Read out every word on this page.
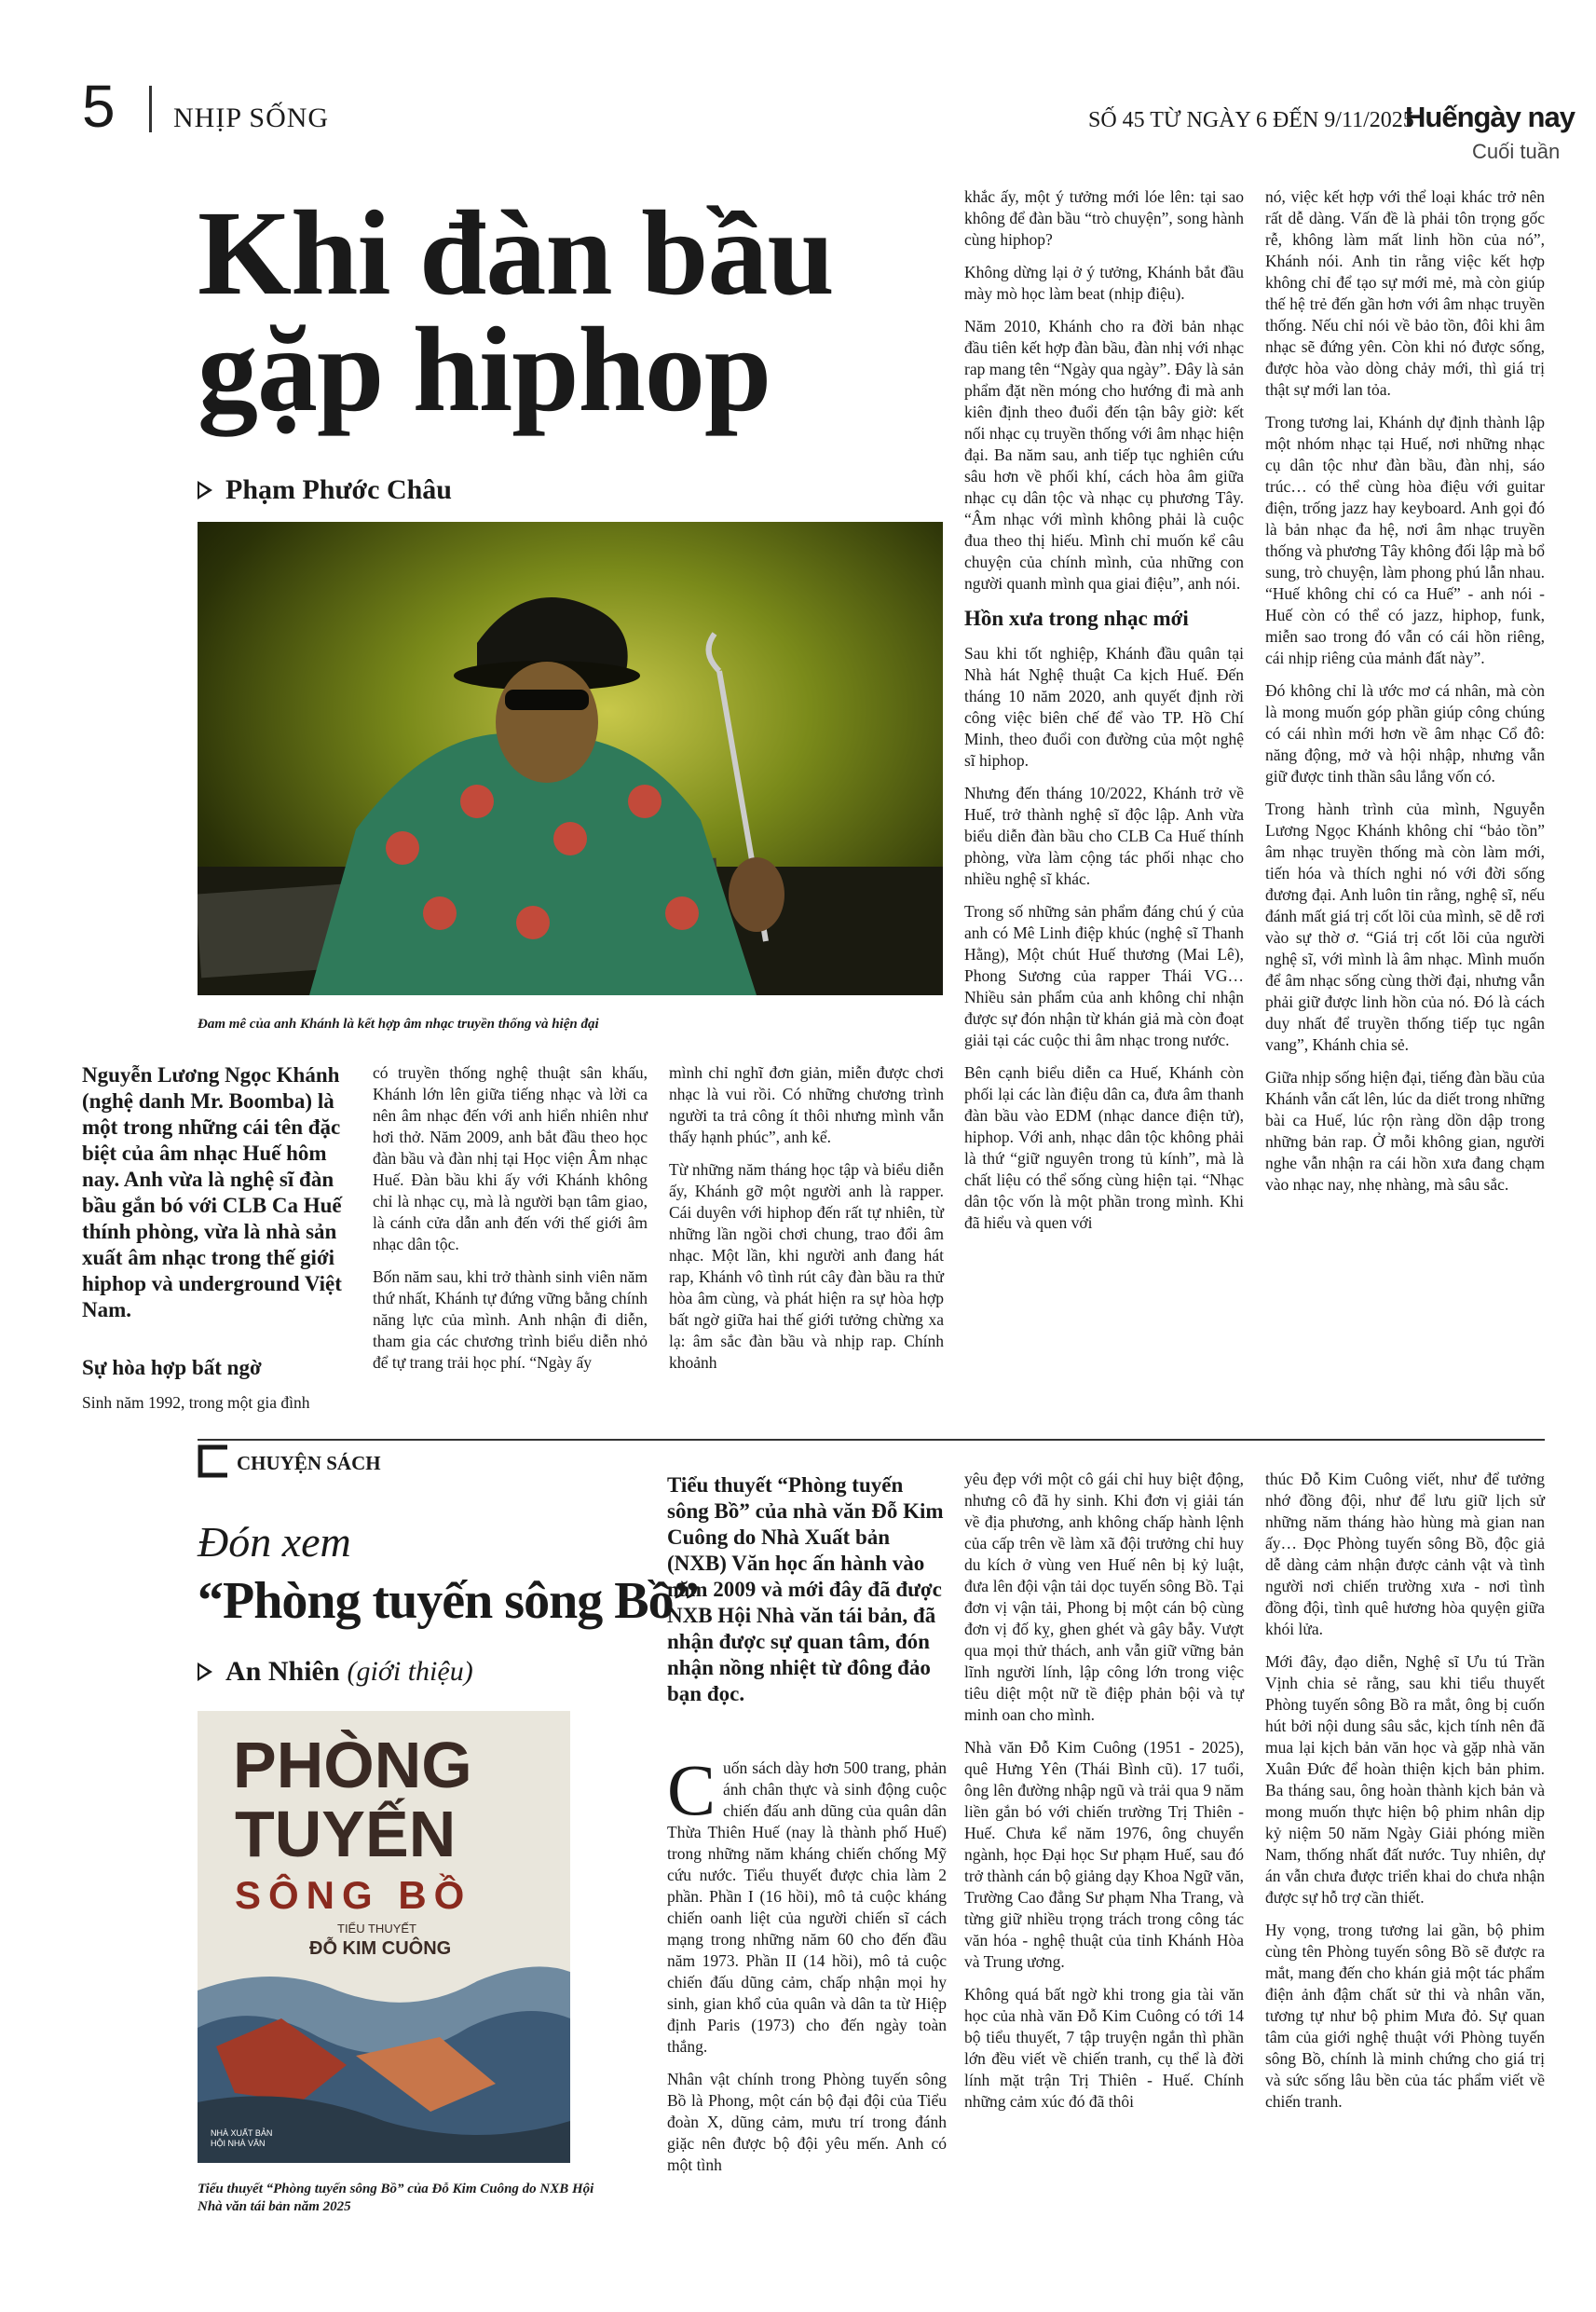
5 NHỊP SỐNG	SỐ 45 TỪ NGÀY 6 ĐẾN 9/11/2025
Huếngày nay
Cuối tuần
Khi đàn bầu
gặp hiphop
Phạm Phước Châu
Đam mê của anh Khánh là kết hợp âm nhạc truyền thống và hiện đại
Nguyễn Lương Ngọc Khánh (nghệ danh Mr. Boomba) là một trong những cái tên đặc biệt của âm nhạc Huế hôm nay. Anh vừa là nghệ sĩ đàn bầu gắn bó với CLB Ca Huế thính phòng, vừa là nhà sản xuất âm nhạc trong thế giới hiphop và underground Việt Nam.
Sự hòa hợp bất ngờ

Sinh năm 1992, trong một gia đình

có truyền thống nghệ thuật sân khấu, Khánh lớn lên giữa tiếng nhạc và lời ca nên âm nhạc đến với anh hiển nhiên như hơi thở. Năm 2009, anh bắt đầu theo học đàn bầu và đàn nhị tại Học viện Âm nhạc Huế. Đàn bầu khi ấy với Khánh không chỉ là nhạc cụ, mà là người bạn tâm giao, là cánh cửa dẫn anh đến với thế giới âm nhạc dân tộc.

Bốn năm sau, khi trở thành sinh viên năm thứ nhất, Khánh tự đứng vững bằng chính năng lực của mình. Anh nhận đi diễn, tham gia các chương trình biểu diễn nhỏ để tự trang trải học phí. “Ngày ấy

mình chỉ nghĩ đơn giản, miễn được chơi nhạc là vui rồi. Có những chương trình người ta trả công ít thôi nhưng mình vẫn thấy hạnh phúc”, anh kể.

Từ những năm tháng học tập và biểu diễn ấy, Khánh gỡ một người anh là rapper. Cái duyên với hiphop đến rất tự nhiên, từ những lần ngồi chơi chung, trao đổi âm nhạc. Một lần, khi người anh đang hát rap, Khánh vô tình rút cây đàn bầu ra thử hòa âm cùng, và phát hiện ra sự hòa hợp bất ngờ giữa hai thế giới tưởng chừng xa lạ: âm sắc đàn bầu và nhịp rap. Chính khoảnh

khắc ấy, một ý tưởng mới lóe lên: tại sao không để đàn bầu “trò chuyện”, song hành cùng hiphop?

Không dừng lại ở ý tưởng, Khánh bắt đầu mày mò học làm beat (nhịp điệu).

Năm 2010, Khánh cho ra đời bản nhạc đầu tiên kết hợp đàn bầu, đàn nhị với nhạc rap mang tên “Ngày qua ngày”. Đây là sản phẩm đặt nền móng cho hướng đi mà anh kiên định theo đuổi đến tận bây giờ: kết nối nhạc cụ truyền thống với âm nhạc hiện đại. Ba năm sau, anh tiếp tục nghiên cứu sâu hơn về phối khí, cách hòa âm giữa nhạc cụ dân tộc và nhạc cụ phương Tây. “Âm nhạc với mình không phải là cuộc đua theo thị hiếu. Mình chỉ muốn kể câu chuyện của chính mình, của những con người quanh mình qua giai điệu”, anh nói.

Hồn xưa trong nhạc mới

Sau khi tốt nghiệp, Khánh đầu quân tại Nhà hát Nghệ thuật Ca kịch Huế. Đến tháng 10 năm 2020, anh quyết định rời công việc biên chế để vào TP. Hồ Chí Minh, theo đuổi con đường của một nghệ sĩ hiphop.

Nhưng đến tháng 10/2022, Khánh trở về Huế, trở thành nghệ sĩ độc lập. Anh vừa biểu diễn đàn bầu cho CLB Ca Huế thính phòng, vừa làm cộng tác phối nhạc cho nhiều nghệ sĩ khác.

Trong số những sản phẩm đáng chú ý của anh có Mê Linh điệp khúc (nghệ sĩ Thanh Hằng), Một chút Huế thương (Mai Lê), Phong Sương của rapper Thái VG… Nhiều sản phẩm của anh không chỉ nhận được sự đón nhận từ khán giả mà còn đoạt giải tại các cuộc thi âm nhạc trong nước.

Bên cạnh biểu diễn ca Huế, Khánh còn phối lại các làn điệu dân ca, đưa âm thanh đàn bầu vào EDM (nhạc dance điện tử), hiphop. Với anh, nhạc dân tộc không phải là thứ “giữ nguyên trong tủ kính”, mà là chất liệu có thể sống cùng hiện tại. “Nhạc dân tộc vốn là một phần trong mình. Khi đã hiểu và quen với

nó, việc kết hợp với thể loại khác trở nên rất dễ dàng. Vấn đề là phải tôn trọng gốc rễ, không làm mất linh hồn của nó”, Khánh nói. Anh tin rằng việc kết hợp không chỉ để tạo sự mới mẻ, mà còn giúp thế hệ trẻ đến gần hơn với âm nhạc truyền thống. Nếu chỉ nói về bảo tồn, đôi khi âm nhạc sẽ đứng yên. Còn khi nó được sống, được hòa vào dòng chảy mới, thì giá trị thật sự mới lan tỏa.

Trong tương lai, Khánh dự định thành lập một nhóm nhạc tại Huế, nơi những nhạc cụ dân tộc như đàn bầu, đàn nhị, sáo trúc… có thể cùng hòa điệu với guitar điện, trống jazz hay keyboard. Anh gọi đó là bản nhạc đa hệ, nơi âm nhạc truyền thống và phương Tây không đối lập mà bổ sung, trò chuyện, làm phong phú lẫn nhau. “Huế không chỉ có ca Huế” - anh nói - Huế còn có thể có jazz, hiphop, funk, miễn sao trong đó vẫn có cái hồn riêng, cái nhịp riêng của mảnh đất này”.

Đó không chỉ là ước mơ cá nhân, mà còn là mong muốn góp phần giúp công chúng có cái nhìn mới hơn về âm nhạc Cổ đô: năng động, mở và hội nhập, nhưng vẫn giữ được tinh thần sâu lắng vốn có.

Trong hành trình của mình, Nguyễn Lương Ngọc Khánh không chỉ “bảo tồn” âm nhạc truyền thống mà còn làm mới, tiến hóa và thích nghi nó với đời sống đương đại. Anh luôn tin rằng, nghệ sĩ, nếu đánh mất giá trị cốt lõi của mình, sẽ dễ rơi vào sự thờ ơ. “Giá trị cốt lõi của người nghệ sĩ, với mình là âm nhạc. Mình muốn để âm nhạc sống cùng thời đại, nhưng vẫn phải giữ được linh hồn của nó. Đó là cách duy nhất để truyền thống tiếp tục ngân vang”, Khánh chia sẻ.

Giữa nhịp sống hiện đại, tiếng đàn bầu của Khánh vẫn cất lên, lúc da diết trong những bài ca Huế, lúc rộn ràng dồn dập trong những bản rap. Ở mỗi không gian, người nghe vẫn nhận ra cái hồn xưa đang chạm vào nhạc nay, nhẹ nhàng, mà sâu sắc.

CHUYỆN SÁCH
Đón xem
“Phòng tuyến sông Bồ”
An Nhiên (giới thiệu)
PHÒNG
TUYẾN
SÔNG BỒ
TIỂU THUYẾT
ĐỖ KIM CUÔNG
NHÀ XUẤT BẢN HỘI NHÀ VĂN
Tiểu thuyết “Phòng tuyến sông Bồ” của Đỗ Kim Cuông do NXB Hội Nhà văn tái bản năm 2025
Tiểu thuyết “Phòng tuyến sông Bồ” của nhà văn Đỗ Kim Cuông do Nhà Xuất bản (NXB) Văn học ấn hành vào năm 2009 và mới đây đã được NXB Hội Nhà văn tái bản, đã nhận được sự quan tâm, đón nhận nồng nhiệt từ đông đảo bạn đọc.

Cuốn sách dày hơn 500 trang, phản ánh chân thực và sinh động cuộc chiến đấu anh dũng của quân dân Thừa Thiên Huế (nay là thành phố Huế) trong những năm kháng chiến chống Mỹ cứu nước. Tiểu thuyết được chia làm 2 phần. Phần I (16 hồi), mô tả cuộc kháng chiến oanh liệt của người chiến sĩ cách mạng trong những năm 60 cho đến đầu năm 1973. Phần II (14 hồi), mô tả cuộc chiến đấu dũng cảm, chấp nhận mọi hy sinh, gian khổ của quân và dân ta từ Hiệp định Paris (1973) cho đến ngày toàn thắng.

Nhân vật chính trong Phòng tuyến sông Bồ là Phong, một cán bộ đại đội của Tiểu đoàn X, dũng cảm, mưu trí trong đánh giặc nên được bộ đội yêu mến. Anh có một tình

yêu đẹp với một cô gái chỉ huy biệt động, nhưng cô đã hy sinh. Khi đơn vị giải tán về địa phương, anh không chấp hành lệnh của cấp trên về làm xã đội trưởng chỉ huy du kích ở vùng ven Huế nên bị kỷ luật, đưa lên đội vận tải dọc tuyến sông Bồ. Tại đơn vị vận tải, Phong bị một cán bộ cùng đơn vị đố kỵ, ghen ghét và gây bẫy. Vượt qua mọi thử thách, anh vẫn giữ vững bản lĩnh người lính, lập công lớn trong việc tiêu diệt một nữ tề điệp phản bội và tự minh oan cho mình.

Nhà văn Đỗ Kim Cuông (1951 - 2025), quê Hưng Yên (Thái Bình cũ). 17 tuổi, ông lên đường nhập ngũ và trải qua 9 năm liền gắn bó với chiến trường Trị Thiên - Huế. Chưa kể năm 1976, ông chuyển ngành, học Đại học Sư phạm Huế, sau đó trở thành cán bộ giảng dạy Khoa Ngữ văn, Trường Cao đẳng Sư phạm Nha Trang, và từng giữ nhiều trọng trách trong công tác văn hóa - nghệ thuật của tỉnh Khánh Hòa và Trung ương.

Không quá bất ngờ khi trong gia tài văn học của nhà văn Đỗ Kim Cuông có tới 14 bộ tiểu thuyết, 7 tập truyện ngắn thì phần lớn đều viết về chiến tranh, cụ thể là đời lính mặt trận Trị Thiên - Huế. Chính những cảm xúc đó đã thôi

thúc Đỗ Kim Cuông viết, như để tưởng nhớ đồng đội, như để lưu giữ lịch sử những năm tháng hào hùng mà gian nan ấy… Đọc Phòng tuyến sông Bồ, độc giả dễ dàng cảm nhận được cảnh vật và tình người nơi chiến trường xưa - nơi tình đồng đội, tình quê hương hòa quyện giữa khói lửa.

Mới đây, đạo diễn, Nghệ sĩ Ưu tú Trần Vịnh chia sẻ rằng, sau khi tiểu thuyết Phòng tuyến sông Bồ ra mắt, ông bị cuốn hút bởi nội dung sâu sắc, kịch tính nên đã mua lại kịch bản văn học và gặp nhà văn Xuân Đức để hoàn thiện kịch bản phim. Ba tháng sau, ông hoàn thành kịch bản và mong muốn thực hiện bộ phim nhân dịp kỷ niệm 50 năm Ngày Giải phóng miền Nam, thống nhất đất nước. Tuy nhiên, dự án vẫn chưa được triển khai do chưa nhận được sự hỗ trợ cần thiết.

Hy vọng, trong tương lai gần, bộ phim cùng tên Phòng tuyến sông Bồ sẽ được ra mắt, mang đến cho khán giả một tác phẩm điện ảnh đậm chất sử thi và nhân văn, tương tự như bộ phim Mưa đỏ. Sự quan tâm của giới nghệ thuật với Phòng tuyến sông Bồ, chính là minh chứng cho giá trị và sức sống lâu bền của tác phẩm viết về chiến tranh.
